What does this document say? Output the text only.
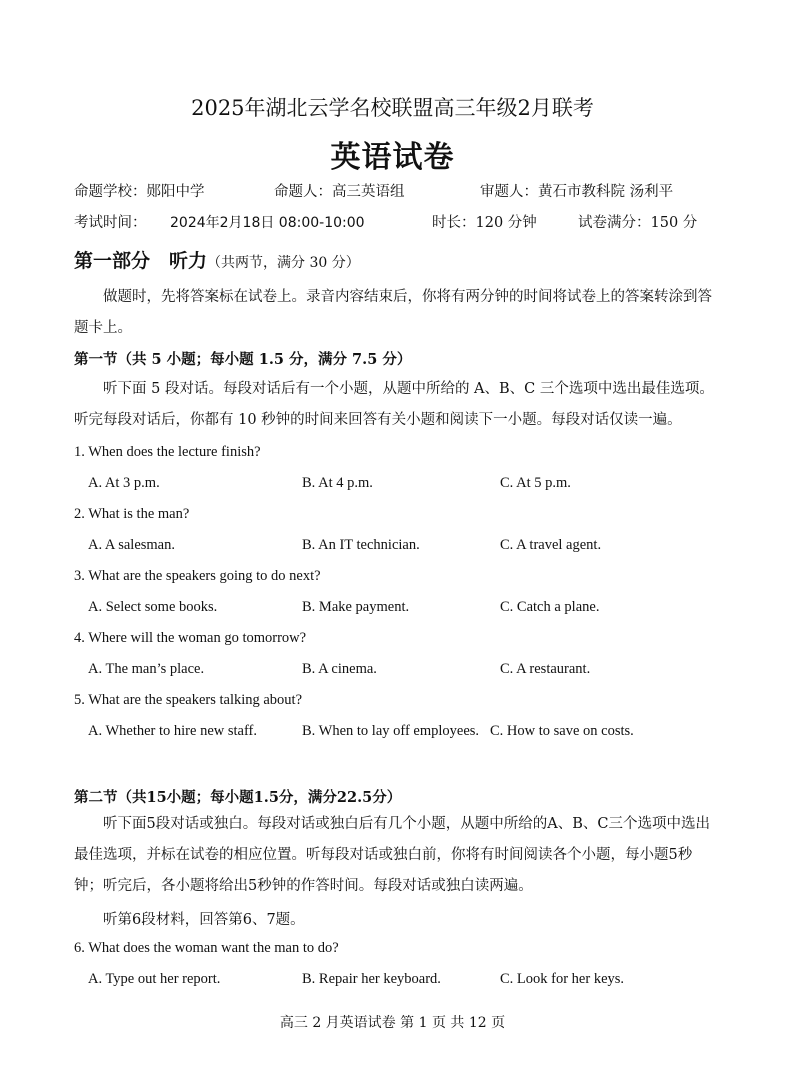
2025年湖北云学名校联盟高三年级2月联考
英语试卷
命题学校：郧阳中学	命题人：高三英语组	审题人：黄石市教科院 汤利平
考试时间： 2024年2月18日 08:00-10:00	时长：120 分钟	试卷满分：150 分
第一部分　听力（共两节，满分 30 分）
做题时，先将答案标在试卷上。录音内容结束后，你将有两分钟的时间将试卷上的答案转涂到答题卡上。
第一节（共 5 小题；每小题 1.5 分，满分 7.5 分）
听下面 5 段对话。每段对话后有一个小题，从题中所给的 A、B、C 三个选项中选出最佳选项。听完每段对话后，你都有 10 秒钟的时间来回答有关小题和阅读下一小题。每段对话仅读一遍。
1. When does the lecture finish?
A. At 3 p.m.	B. At 4 p.m.	C. At 5 p.m.
2. What is the man?
A. A salesman.	B. An IT technician.	C. A travel agent.
3. What are the speakers going to do next?
A. Select some books.	B. Make payment.	C. Catch a plane.
4. Where will the woman go tomorrow?
A. The man’s place.	B. A cinema.	C. A restaurant.
5. What are the speakers talking about?
A. Whether to hire new staff.	B. When to lay off employees. C. How to save on costs.
第二节（共15小题；每小题1.5分，满分22.5分）
听下面5段对话或独白。每段对话或独白后有几个小题，从题中所给的A、B、C三个选项中选出最佳选项，并标在试卷的相应位置。听每段对话或独白前，你将有时间阅读各个小题，每小题5秒钟；听完后，各小题将给出5秒钟的作答时间。每段对话或独白读两遍。
听第6段材料，回答第6、7题。
6. What does the woman want the man to do?
A. Type out her report.	B. Repair her keyboard.	C. Look for her keys.
高三 2 月英语试卷 第 1 页 共 12 页
